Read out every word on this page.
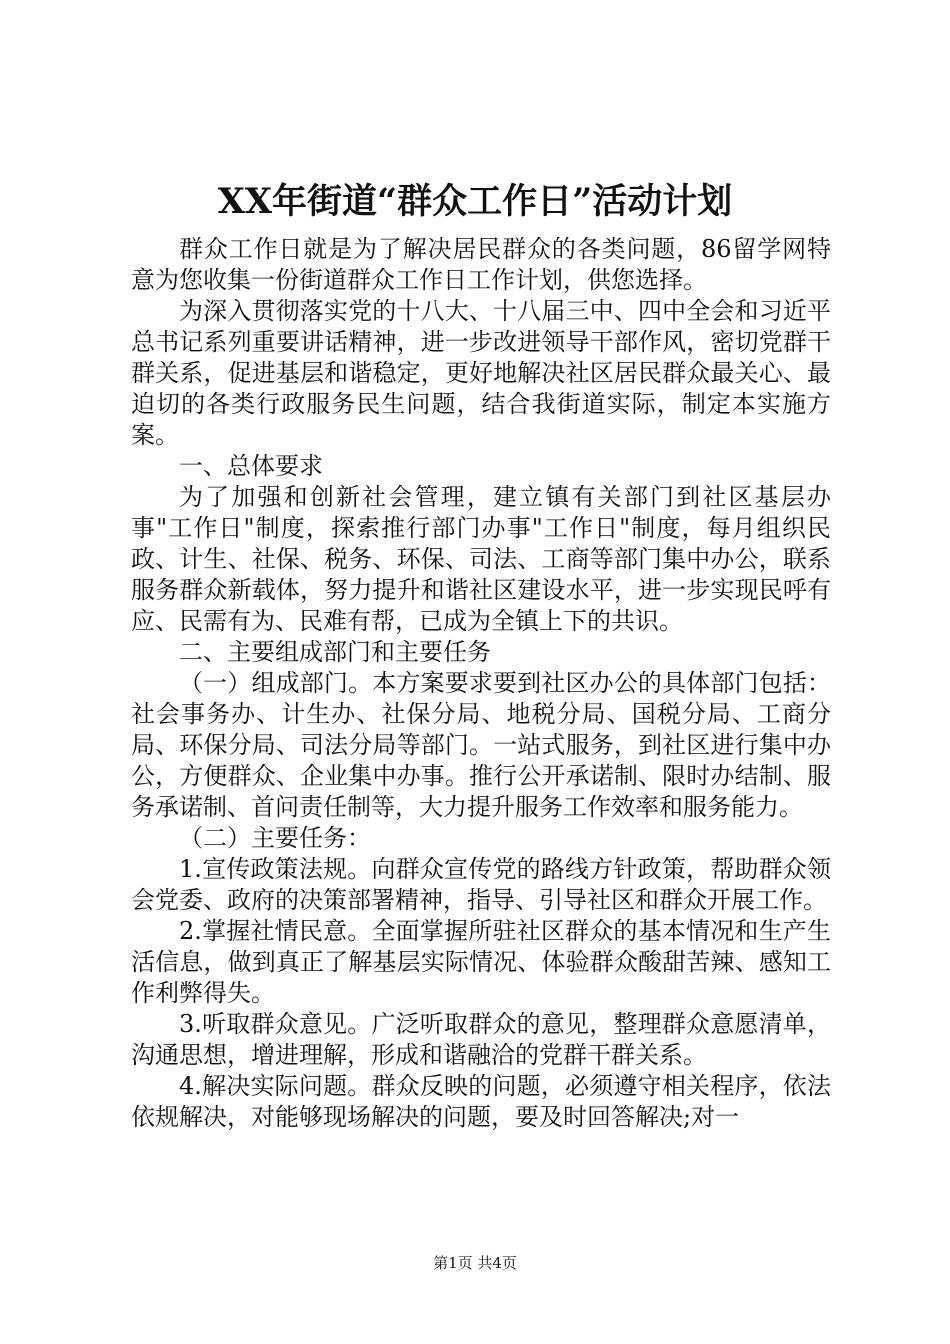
XX年街道“群众工作日”活动计划

群众工作日就是为了解决居民群众的各类问题，86留学网特意为您收集一份街道群众工作日工作计划，供您选择。

为深入贯彻落实党的十八大、十八届三中、四中全会和习近平总书记系列重要讲话精神，进一步改进领导干部作风，密切党群干群关系，促进基层和谐稳定，更好地解决社区居民群众最关心、最迫切的各类行政服务民生问题，结合我街道实际，制定本实施方案。

一、总体要求

为了加强和创新社会管理，建立镇有关部门到社区基层办事"工作日"制度，探索推行部门办事"工作日"制度，每月组织民政、计生、社保、税务、环保、司法、工商等部门集中办公，联系服务群众新载体，努力提升和谐社区建设水平，进一步实现民呼有应、民需有为、民难有帮，已成为全镇上下的共识。

二、主要组成部门和主要任务

（一）组成部门。本方案要求要到社区办公的具体部门包括：社会事务办、计生办、社保分局、地税分局、国税分局、工商分局、环保分局、司法分局等部门。一站式服务，到社区进行集中办公，方便群众、企业集中办事。推行公开承诺制、限时办结制、服务承诺制、首问责任制等，大力提升服务工作效率和服务能力。

（二）主要任务：

1.宣传政策法规。向群众宣传党的路线方针政策，帮助群众领会党委、政府的决策部署精神，指导、引导社区和群众开展工作。

2.掌握社情民意。全面掌握所驻社区群众的基本情况和生产生活信息，做到真正了解基层实际情况、体验群众酸甜苦辣、感知工作利弊得失。

3.听取群众意见。广泛听取群众的意见，整理群众意愿清单，沟通思想，增进理解，形成和谐融洽的党群干群关系。

4.解决实际问题。群众反映的问题，必须遵守相关程序，依法依规解决，对能够现场解决的问题，要及时回答解决;对一

第1页 共4页
